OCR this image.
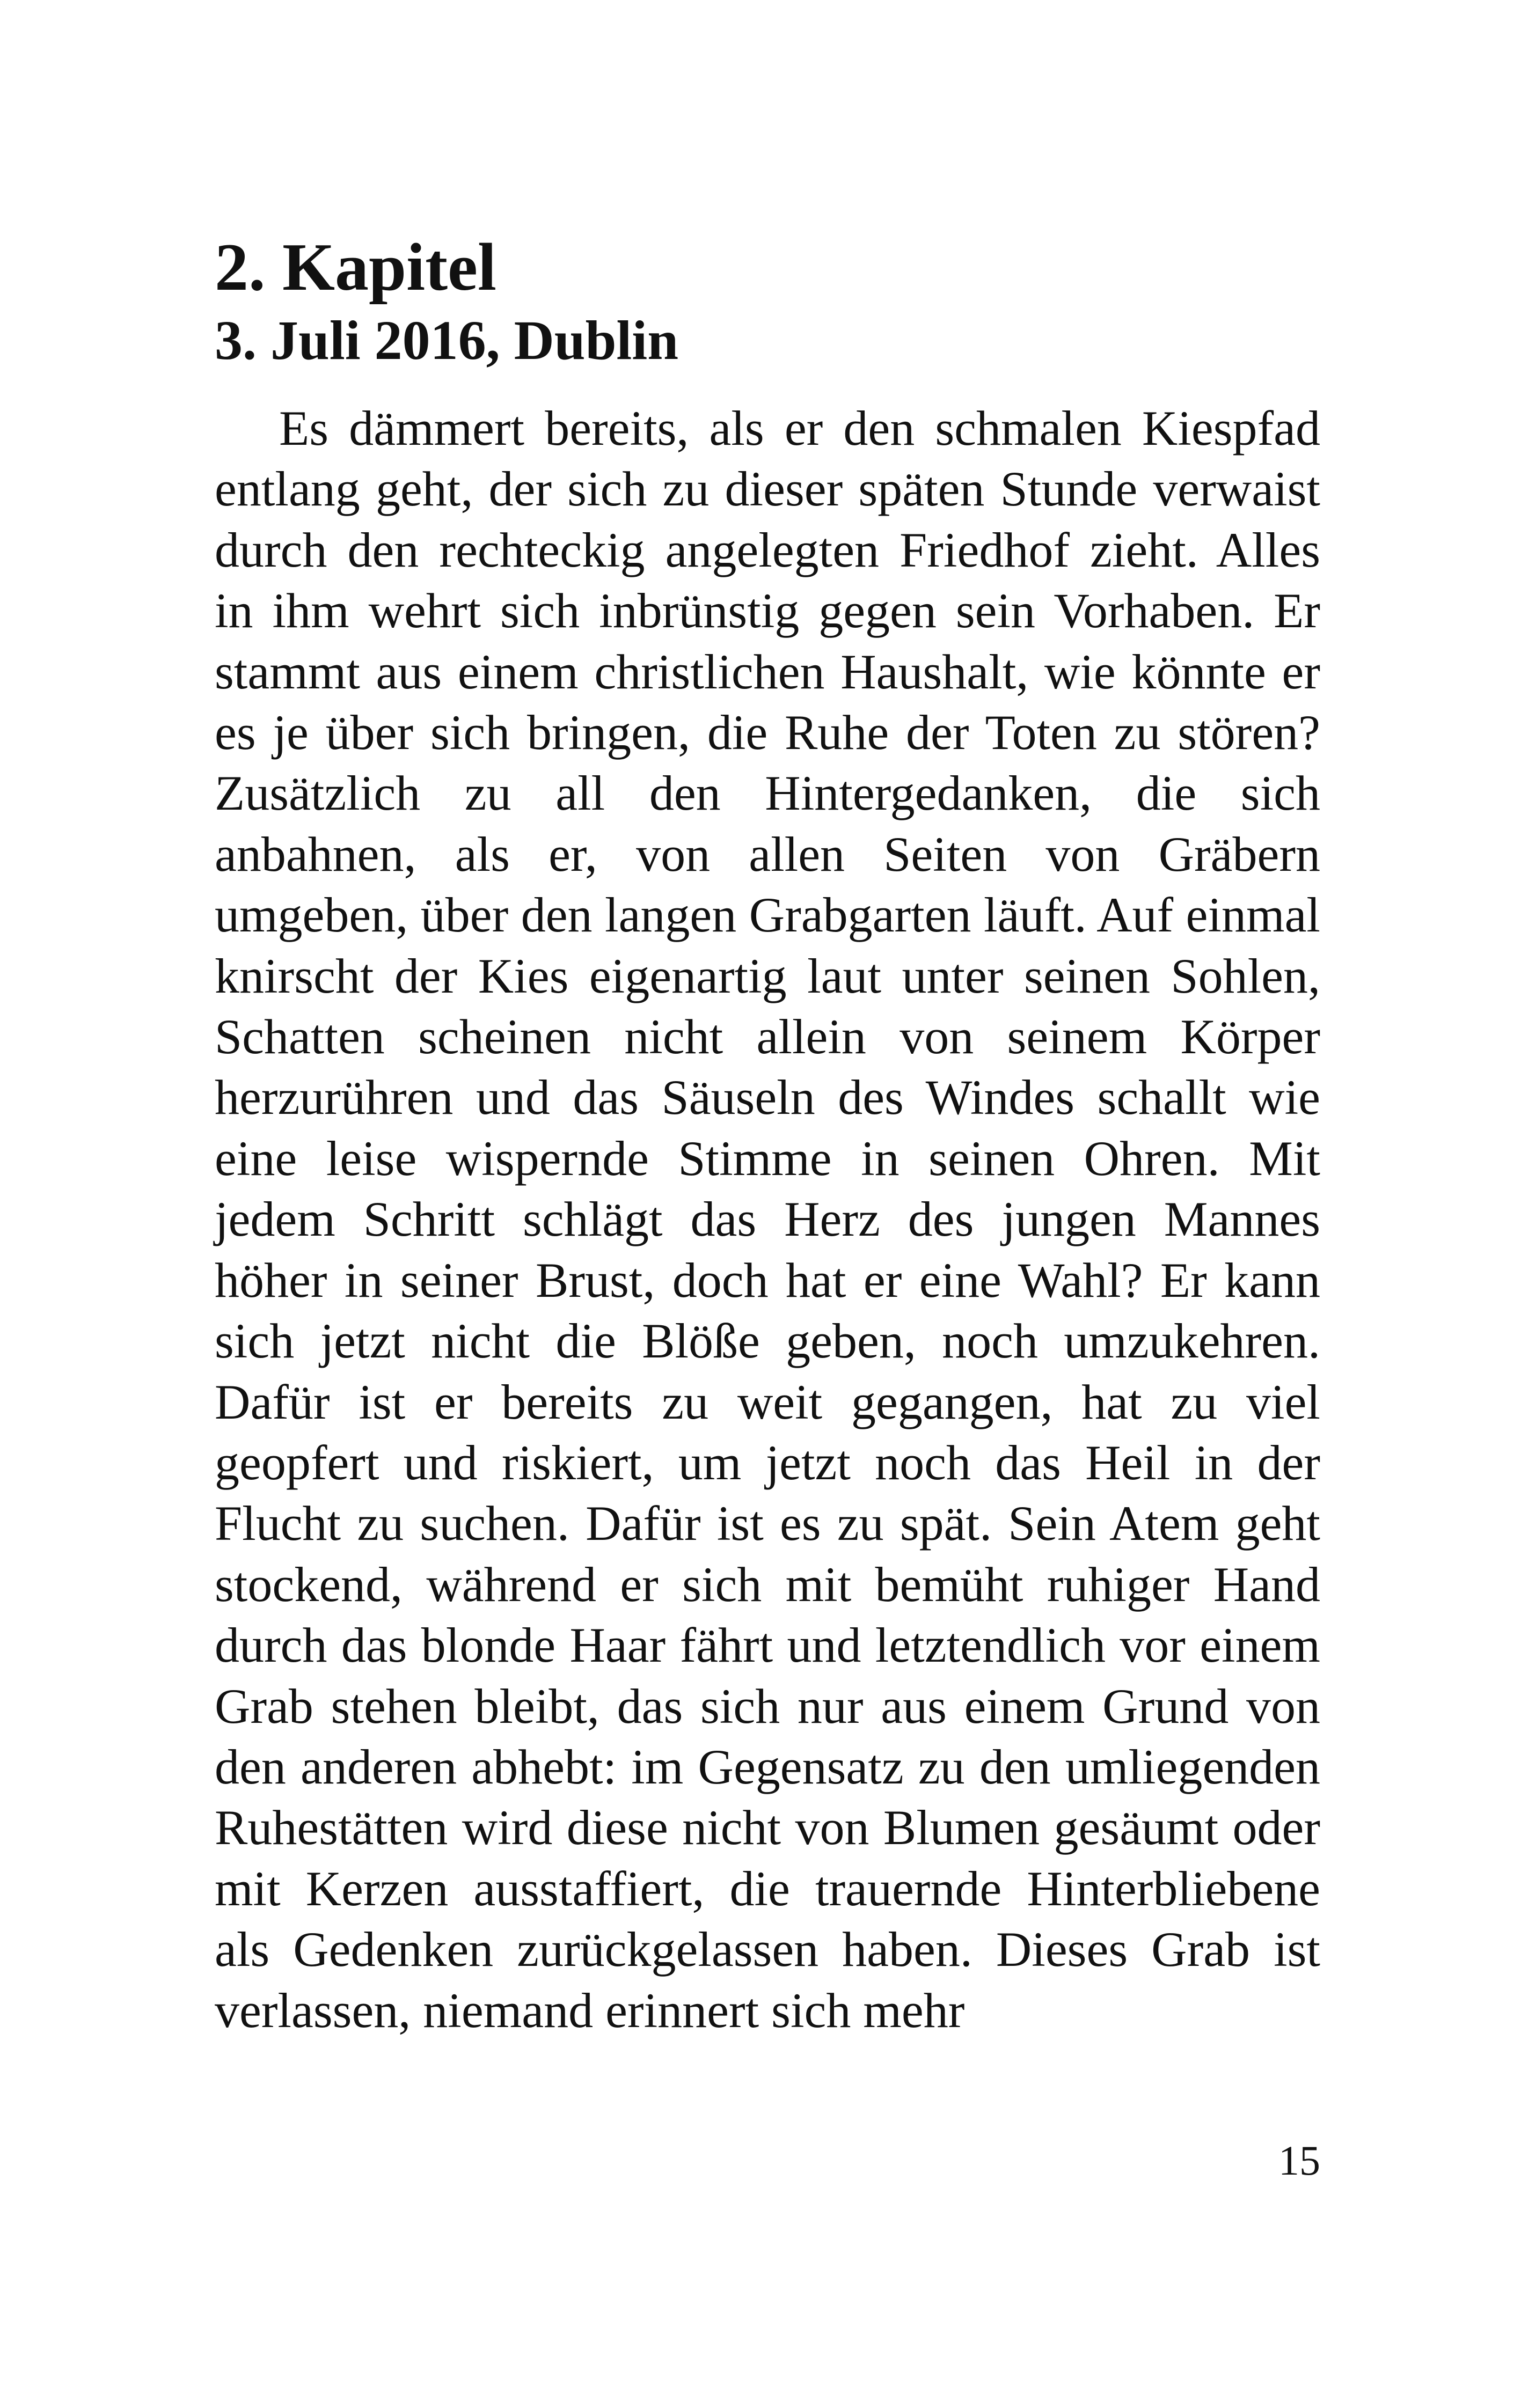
2. Kapitel
3. Juli 2016, Dublin

Es dämmert bereits, als er den schmalen Kiespfad entlang geht, der sich zu dieser späten Stunde verwaist durch den rechteckig angelegten Friedhof zieht. Alles in ihm wehrt sich inbrünstig gegen sein Vorhaben. Er stammt aus einem christlichen Haushalt, wie könnte er es je über sich bringen, die Ruhe der Toten zu stören? Zusätzlich zu all den Hintergedanken, die sich anbahnen, als er, von allen Seiten von Gräbern umgeben, über den langen Grabgarten läuft. Auf einmal knirscht der Kies eigenartig laut unter seinen Sohlen, Schatten scheinen nicht allein von seinem Körper herzurühren und das Säuseln des Windes schallt wie eine leise wispernde Stimme in seinen Ohren. Mit jedem Schritt schlägt das Herz des jungen Mannes höher in seiner Brust, doch hat er eine Wahl? Er kann sich jetzt nicht die Blöße geben, noch umzukehren. Dafür ist er bereits zu weit gegangen, hat zu viel geopfert und riskiert, um jetzt noch das Heil in der Flucht zu suchen. Dafür ist es zu spät. Sein Atem geht stockend, während er sich mit bemüht ruhiger Hand durch das blonde Haar fährt und letztendlich vor einem Grab stehen bleibt, das sich nur aus einem Grund von den anderen abhebt: im Gegensatz zu den umliegenden Ruhestätten wird diese nicht von Blumen gesäumt oder mit Kerzen ausstaffiert, die trauernde Hinterbliebene als Gedenken zurückgelassen haben. Dieses Grab ist verlassen, niemand erinnert sich mehr

15
